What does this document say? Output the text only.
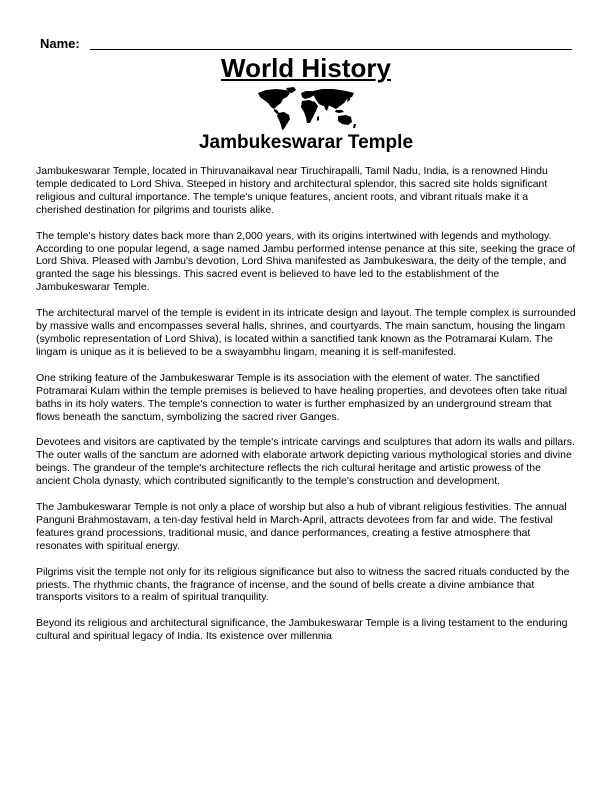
Name:
World History
Jambukeswarar Temple

Jambukeswarar Temple, located in Thiruvanaikaval near Tiruchirapalli, Tamil Nadu, India, is a renowned Hindu temple dedicated to Lord Shiva. Steeped in history and architectural splendor, this sacred site holds significant religious and cultural importance. The temple's unique features, ancient roots, and vibrant rituals make it a cherished destination for pilgrims and tourists alike.

The temple's history dates back more than 2,000 years, with its origins intertwined with legends and mythology. According to one popular legend, a sage named Jambu performed intense penance at this site, seeking the grace of Lord Shiva. Pleased with Jambu's devotion, Lord Shiva manifested as Jambukeswara, the deity of the temple, and granted the sage his blessings. This sacred event is believed to have led to the establishment of the Jambukeswarar Temple.

The architectural marvel of the temple is evident in its intricate design and layout. The temple complex is surrounded by massive walls and encompasses several halls, shrines, and courtyards. The main sanctum, housing the lingam (symbolic representation of Lord Shiva), is located within a sanctified tank known as the Potramarai Kulam. The lingam is unique as it is believed to be a swayambhu lingam, meaning it is self-manifested.

One striking feature of the Jambukeswarar Temple is its association with the element of water. The sanctified Potramarai Kulam within the temple premises is believed to have healing properties, and devotees often take ritual baths in its holy waters. The temple's connection to water is further emphasized by an underground stream that flows beneath the sanctum, symbolizing the sacred river Ganges.

Devotees and visitors are captivated by the temple's intricate carvings and sculptures that adorn its walls and pillars. The outer walls of the sanctum are adorned with elaborate artwork depicting various mythological stories and divine beings. The grandeur of the temple's architecture reflects the rich cultural heritage and artistic prowess of the ancient Chola dynasty, which contributed significantly to the temple's construction and development.

The Jambukeswarar Temple is not only a place of worship but also a hub of vibrant religious festivities. The annual Panguni Brahmostavam, a ten-day festival held in March-April, attracts devotees from far and wide. The festival features grand processions, traditional music, and dance performances, creating a festive atmosphere that resonates with spiritual energy.

Pilgrims visit the temple not only for its religious significance but also to witness the sacred rituals conducted by the priests. The rhythmic chants, the fragrance of incense, and the sound of bells create a divine ambiance that transports visitors to a realm of spiritual tranquility.

Beyond its religious and architectural significance, the Jambukeswarar Temple is a living testament to the enduring cultural and spiritual legacy of India. Its existence over millennia
